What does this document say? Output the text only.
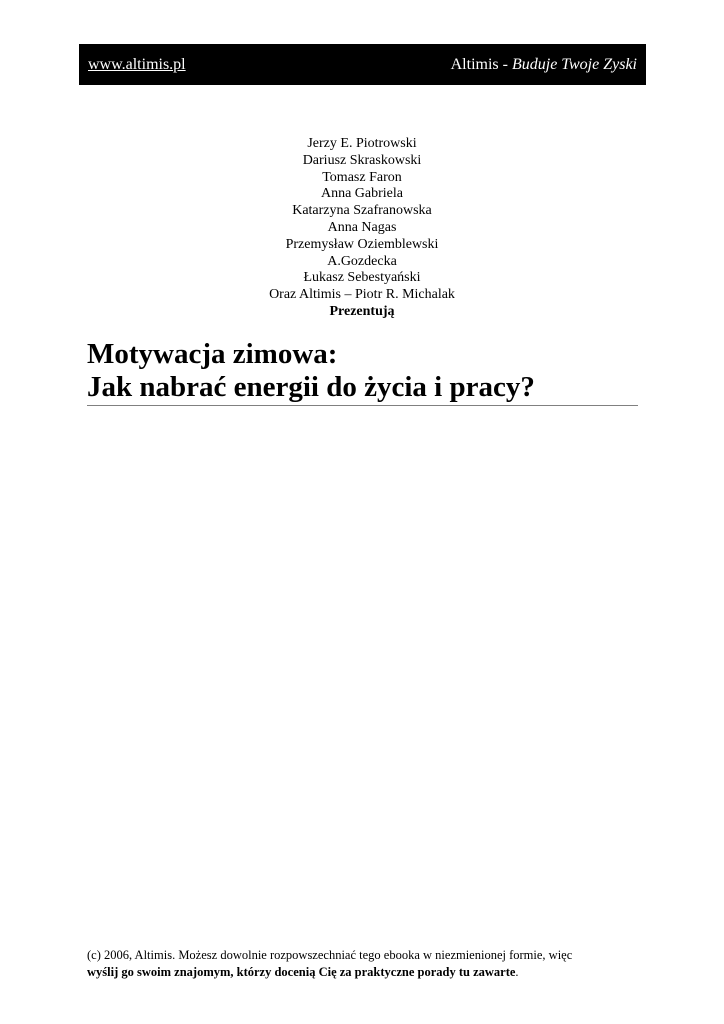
www.altimis.pl	Altimis - Buduje Twoje Zyski
Jerzy E. Piotrowski
Dariusz Skraskowski
Tomasz Faron
Anna Gabriela
Katarzyna Szafranowska
Anna Nagas
Przemysław Oziemblewski
A.Gozdecka
Łukasz Sebestyański
Oraz Altimis – Piotr R. Michalak
Prezentują
Motywacja zimowa:
Jak nabrać energii do życia i pracy?
(c) 2006, Altimis. Możesz dowolnie rozpowszechniać tego ebooka w niezmienionej formie, więc
wyślij go swoim znajomym, którzy docenią Cię za praktyczne porady tu zawarte.
